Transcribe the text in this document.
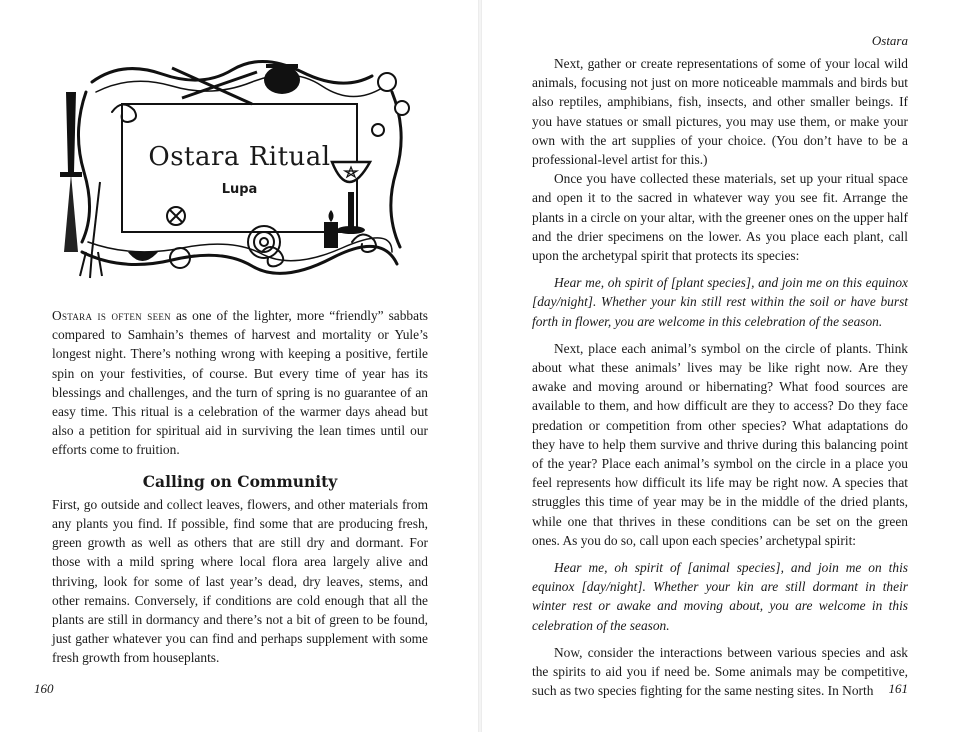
Ostara Ritual
Lupa

Ostara is often seen as one of the lighter, more “friendly” sabbats compared to Samhain’s themes of harvest and mortality or Yule’s longest night. There’s nothing wrong with keeping a positive, fertile spin on your festivities, of course. But every time of year has its blessings and challenges, and the turn of spring is no guarantee of an easy time. This ritual is a celebration of the warmer days ahead but also a petition for spiritual aid in surviving the lean times until our efforts come to fruition.

Calling on Community

First, go outside and collect leaves, flowers, and other materials from any plants you find. If possible, find some that are producing fresh, green growth as well as others that are still dry and dormant. For those with a mild spring where local flora area largely alive and thriving, look for some of last year’s dead, dry leaves, stems, and other remains. Conversely, if conditions are cold enough that all the plants are still in dormancy and there’s not a bit of green to be found, just gather whatever you can find and perhaps supplement with some fresh growth from houseplants.

160
Ostara

Next, gather or create representations of some of your local wild animals, focusing not just on more noticeable mammals and birds but also reptiles, amphibians, fish, insects, and other smaller beings. If you have statues or small pictures, you may use them, or make your own with the art supplies of your choice. (You don’t have to be a professional-level artist for this.)

Once you have collected these materials, set up your ritual space and open it to the sacred in whatever way you see fit. Arrange the plants in a circle on your altar, with the greener ones on the upper half and the drier specimens on the lower. As you place each plant, call upon the archetypal spirit that protects its species:

Hear me, oh spirit of [plant species], and join me on this equinox [day/night]. Whether your kin still rest within the soil or have burst forth in flower, you are welcome in this celebration of the season.

Next, place each animal’s symbol on the circle of plants. Think about what these animals’ lives may be like right now. Are they awake and moving around or hibernating? What food sources are available to them, and how difficult are they to access? Do they face predation or competition from other species? What adaptations do they have to help them survive and thrive during this balancing point of the year? Place each animal’s symbol on the circle in a place you feel represents how difficult its life may be right now. A species that struggles this time of year may be in the middle of the dried plants, while one that thrives in these conditions can be set on the green ones. As you do so, call upon each species’ archetypal spirit:

Hear me, oh spirit of [animal species], and join me on this equinox [day/night]. Whether your kin are still dormant in their winter rest or awake and moving about, you are welcome in this celebration of the season.

Now, consider the interactions between various species and ask the spirits to aid you if need be. Some animals may be competitive, such as two species fighting for the same nesting sites. In North	161
